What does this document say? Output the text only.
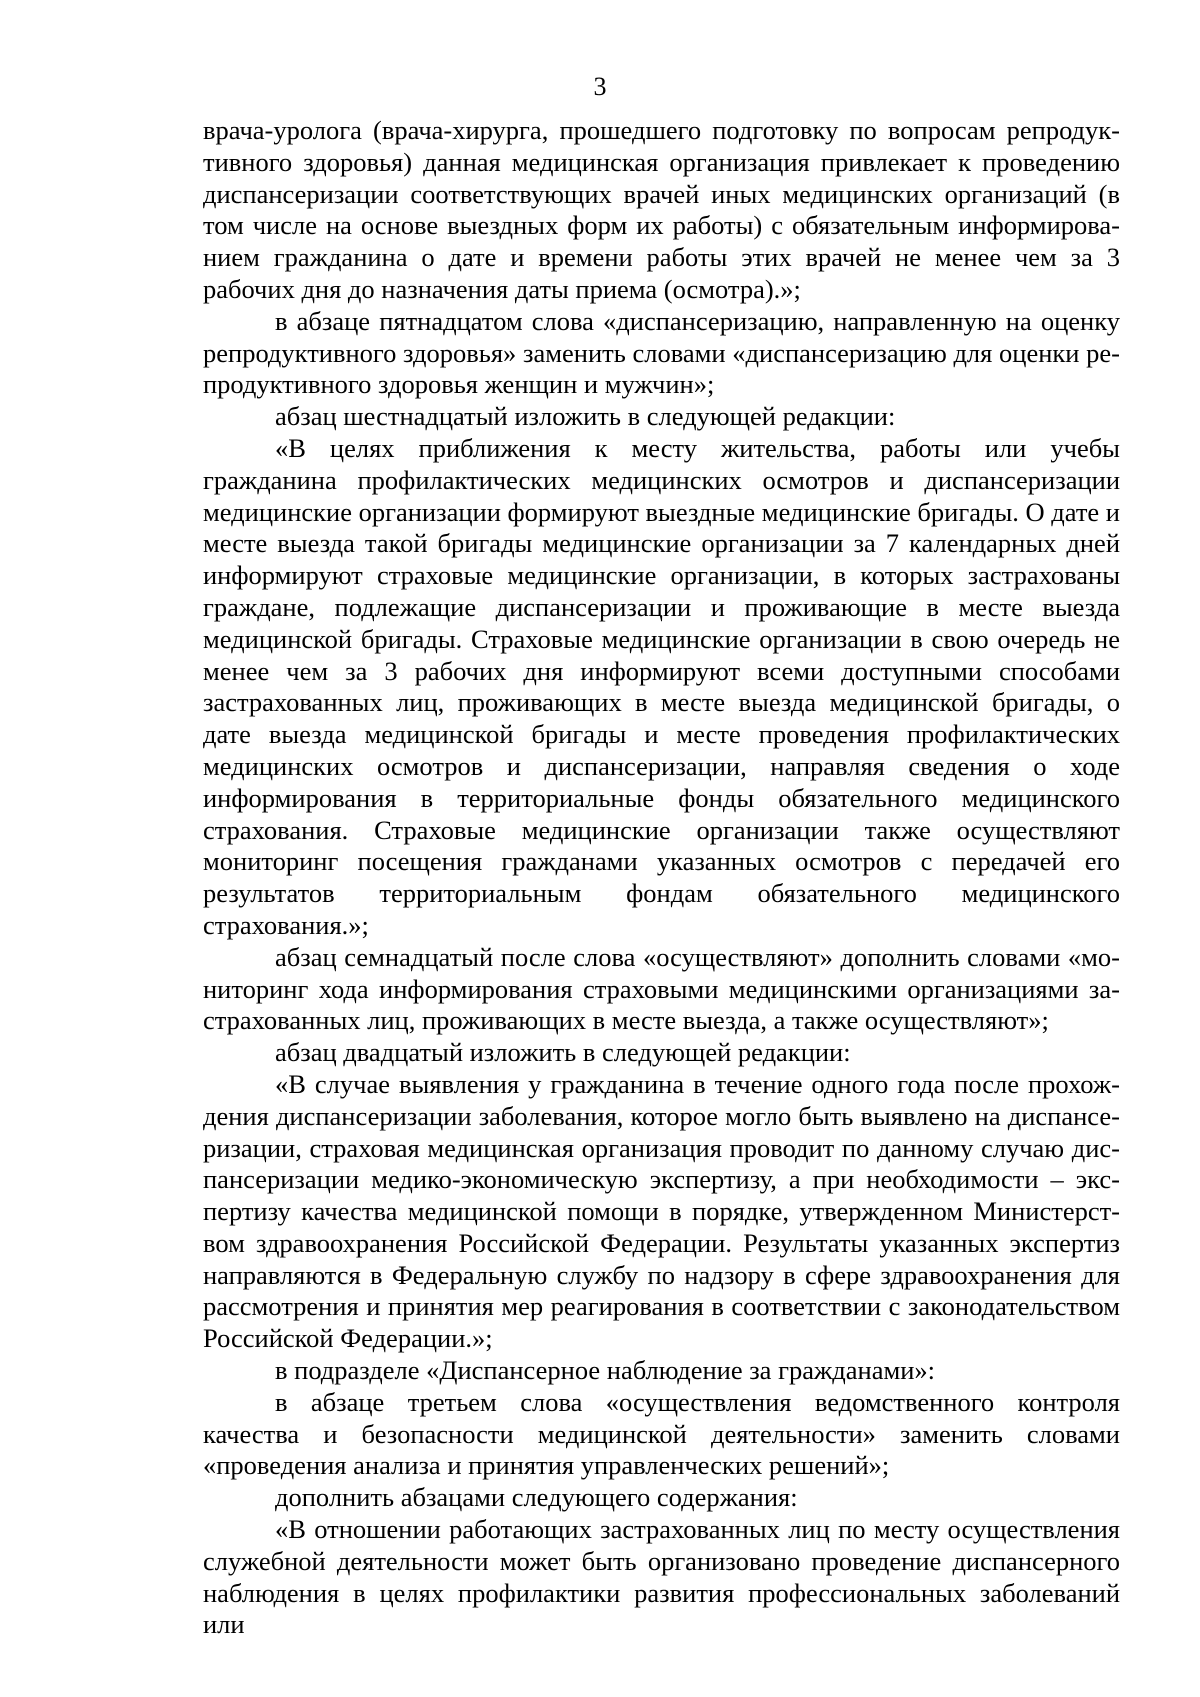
3

врача-уролога (врача-хирурга, прошедшего подготовку по вопросам репродуктивного здоровья) данная медицинская организация привлекает к проведению диспансеризации соответствующих врачей иных медицинских организаций (в том числе на основе выездных форм их работы) с обязательным информированием гражданина о дате и времени работы этих врачей не менее чем за 3 рабочих дня до назначения даты приема (осмотра).»;

в абзаце пятнадцатом слова «диспансеризацию, направленную на оценку репродуктивного здоровья» заменить словами «диспансеризацию для оценки репродуктивного здоровья женщин и мужчин»;

абзац шестнадцатый изложить в следующей редакции:

«В целях приближения к месту жительства, работы или учебы гражданина профилактических медицинских осмотров и диспансеризации медицинские организации формируют выездные медицинские бригады. О дате и месте выезда такой бригады медицинские организации за 7 календарных дней информируют страховые медицинские организации, в которых застрахованы граждане, подлежащие диспансеризации и проживающие в месте выезда медицинской бригады. Страховые медицинские организации в свою очередь не менее чем за 3 рабочих дня информируют всеми доступными способами застрахованных лиц, проживающих в месте выезда медицинской бригады, о дате выезда медицинской бригады и месте проведения профилактических медицинских осмотров и диспансеризации, направляя сведения о ходе информирования в территориальные фонды обязательного медицинского страхования. Страховые медицинские организации также осуществляют мониторинг посещения гражданами указанных осмотров с передачей его результатов территориальным фондам обязательного медицинского страхования.»;

абзац семнадцатый после слова «осуществляют» дополнить словами «мониторинг хода информирования страховыми медицинскими организациями застрахованных лиц, проживающих в месте выезда, а также осуществляют»;

абзац двадцатый изложить в следующей редакции:

«В случае выявления у гражданина в течение одного года после прохождения диспансеризации заболевания, которое могло быть выявлено на диспансеризации, страховая медицинская организация проводит по данному случаю диспансеризации медико-экономическую экспертизу, а при необходимости – экспертизу качества медицинской помощи в порядке, утвержденном Министерством здравоохранения Российской Федерации. Результаты указанных экспертиз направляются в Федеральную службу по надзору в сфере здравоохранения для рассмотрения и принятия мер реагирования в соответствии с законодательством Российской Федерации.»;

в подразделе «Диспансерное наблюдение за гражданами»:

в абзаце третьем слова «осуществления ведомственного контроля качества и безопасности медицинской деятельности» заменить словами «проведения анализа и принятия управленческих решений»;

дополнить абзацами следующего содержания:

«В отношении работающих застрахованных лиц по месту осуществления служебной деятельности может быть организовано проведение диспансерного наблюдения в целях профилактики развития профессиональных заболеваний или
